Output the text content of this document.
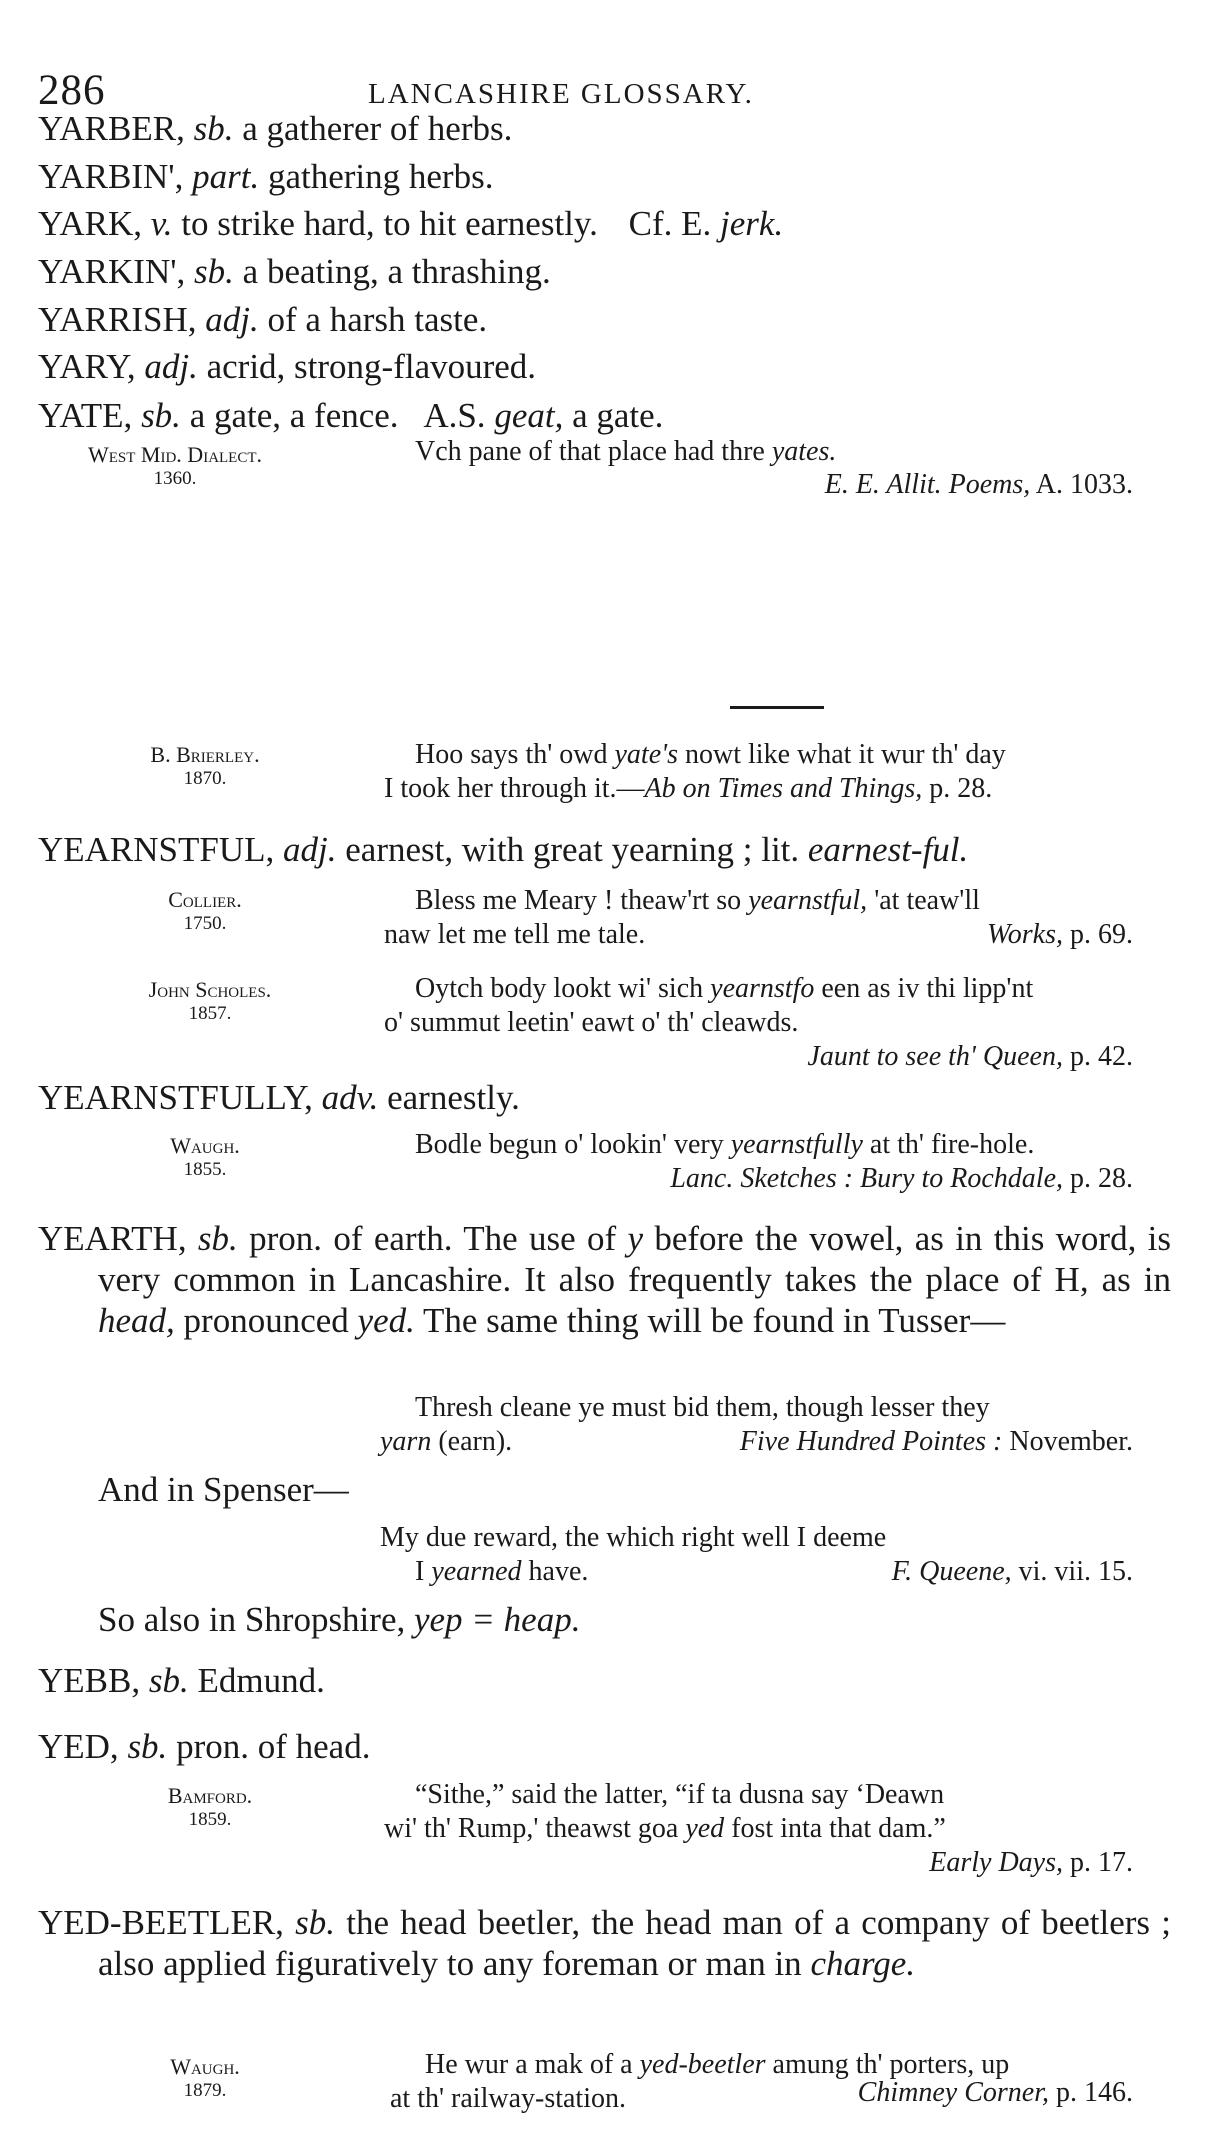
286	LANCASHIRE GLOSSARY.
YARBER, sb. a gatherer of herbs.
YARBIN', part. gathering herbs.
YARK, v. to strike hard, to hit earnestly. Cf. E. jerk.
YARKIN', sb. a beating, a thrashing.
YARRISH, adj. of a harsh taste.
YARY, adj. acrid, strong-flavoured.
YATE, sb. a gate, a fence. A.S. geat, a gate.
West Mid. Dialect.
1360.
Vch pane of that place had thre yates.
E. E. Allit. Poems, A. 1033.
B. Brierley.
1870.
Hoo says th' owd yate's nowt like what it wur th' day
I took her through it.—Ab on Times and Things, p. 28.
YEARNSTFUL, adj. earnest, with great yearning ; lit. earnest-ful.
Collier.
1750.
Bless me Meary ! theaw'rt so yearnstful, 'at teaw'll
naw let me tell me tale.	Works, p. 69.
John Scholes.
1857.
Oytch body lookt wi' sich yearnstfo een as iv thi lipp'nt
o' summut leetin' eawt o' th' cleawds.
Jaunt to see th' Queen, p. 42.
YEARNSTFULLY, adv. earnestly.
Waugh.
1855.
Bodle begun o' lookin' very yearnstfully at th' fire-hole.
Lanc. Sketches : Bury to Rochdale, p. 28.
YEARTH, sb. pron. of earth. The use of y before the vowel, as in this word, is very common in Lancashire. It also frequently takes the place of H, as in head, pronounced yed. The same thing will be found in Tusser—
Thresh cleane ye must bid them, though lesser they
yarn (earn).	Five Hundred Pointes : November.
And in Spenser—
My due reward, the which right well I deeme
I yearned have.	F. Queene, vi. vii. 15.
So also in Shropshire, yep = heap.
YEBB, sb. Edmund.
YED, sb. pron. of head.
Bamford.
1859.
“Sithe,” said the latter, “if ta dusna say ‘Deawn
wi' th' Rump,' theawst goa yed fost inta that dam.”
Early Days, p. 17.
YED-BEETLER, sb. the head beetler, the head man of a company of beetlers ; also applied figuratively to any foreman or man in charge.
Waugh.
1879.
He wur a mak of a yed-beetler amung th' porters, up
at th' railway-station.	Chimney Corner, p. 146.
